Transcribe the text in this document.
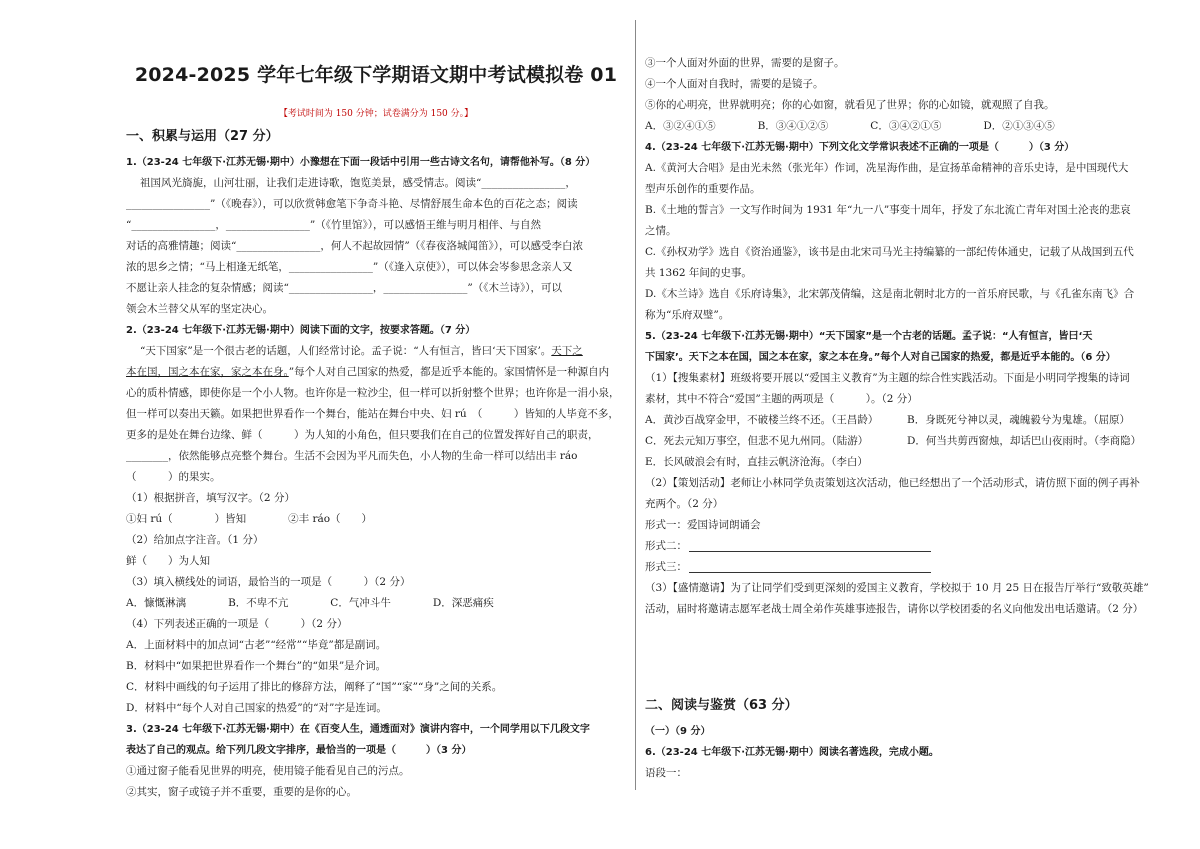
2024-2025 学年七年级下学期语文期中考试模拟卷 01
【考试时间为 150 分钟；试卷满分为 150 分。】
一、积累与运用（27 分）
1.（23-24 七年级下·江苏无锡·期中）小豫想在下面一段话中引用一些古诗文名句，请帮他补写。（8 分）
祖国风光旖旎，山河壮丽，让我们走进诗歌，饱览美景，感受情志。阅读“________________，
________________”（《晚春》），可以欣赏韩愈笔下争奇斗艳、尽情舒展生命本色的百花之态；阅读
“________________，________________”（《竹里馆》），可以感悟王维与明月相伴、与自然
对话的高雅情趣；阅读“________________，何人不起故园情”（《春夜洛城闻笛》），可以感受李白浓
浓的思乡之情；“马上相逢无纸笔，________________”（《逢入京使》），可以体会岑参思念亲人又
不愿让亲人挂念的复杂情感；阅读“________________，________________”（《木兰诗》），可以
领会木兰替父从军的坚定决心。
2.（23-24 七年级下·江苏无锡·期中）阅读下面的文字，按要求答题。（7 分）
“天下国家”是一个很古老的话题，人们经常讨论。孟子说：“人有恒言，皆曰‘天下国家’。天下之
本在国，国之本在家，家之本在身。”每个人对自己国家的热爱，都是近乎本能的。家国情怀是一种源自内
心的质朴情感，即使你是一个小人物。也许你是一粒沙尘，但一样可以折射整个世界；也许你是一涓小泉，
但一样可以奏出天籁。如果把世界看作一个舞台，能站在舞台中央、妇 rú　（　　　）皆知的人毕竟不多，
更多的是处在舞台边缘、鲜（　　　）为人知的小角色，但只要我们在自己的位置发挥好自己的职责，
________，依然能够点亮整个舞台。生活不会因为平凡而失色，小人物的生命一样可以结出丰 ráo
（　　　）的果实。
（1）根据拼音，填写汉字。（2 分）
①妇 rú（　　　　）皆知　　　　②丰 ráo（　　）
（2）给加点字注音。（1 分）
鲜（　　）为人知
（3）填入横线处的词语，最恰当的一项是（　　　）（2 分）
A．慷慨淋漓　　　　B．不卑不亢　　　　C．气冲斗牛　　　　D．深恶痛疾
（4）下列表述正确的一项是（　　　）（2 分）
A．上面材料中的加点词“古老”“经常”“毕竟”都是副词。
B．材料中“如果把世界看作一个舞台”的“如果”是介词。
C．材料中画线的句子运用了排比的修辞方法，阐释了“国”“家”“身”之间的关系。
D．材料中“每个人对自己国家的热爱”的“对”字是连词。
3.（23-24 七年级下·江苏无锡·期中）在《百变人生，通透面对》演讲内容中，一个同学用以下几段文字
表达了自己的观点。给下列几段文字排序，最恰当的一项是（　　　）（3 分）
①通过窗子能看见世界的明亮，使用镜子能看见自己的污点。
②其实，窗子或镜子并不重要，重要的是你的心。
③一个人面对外面的世界，需要的是窗子。
④一个人面对自我时，需要的是镜子。
⑤你的心明亮，世界就明亮；你的心如窗，就看见了世界；你的心如镜，就观照了自我。
A．③②④①⑤　　　　B．③④①②⑤　　　　C．③④②①⑤　　　　D．②①③④⑤
4.（23-24 七年级下·江苏无锡·期中）下列文化文学常识表述不正确的一项是（　　　）（3 分）
A.《黄河大合唱》是由光未然（张光年）作词，冼星海作曲，是宣扬革命精神的音乐史诗，是中国现代大
型声乐创作的重要作品。
B.《土地的誓言》一文写作时间为 1931 年“九一八”事变十周年，抒发了东北流亡青年对国土沦丧的悲哀
之情。
C.《孙权劝学》选自《资治通鉴》，该书是由北宋司马光主持编纂的一部纪传体通史，记载了从战国到五代
共 1362 年间的史事。
D.《木兰诗》选自《乐府诗集》，北宋郭茂倩编，这是南北朝时北方的一首乐府民歌，与《孔雀东南飞》合
称为“乐府双璧”。
5.（23-24 七年级下·江苏无锡·期中）“天下国家”是一个古老的话题。孟子说：“人有恒言，皆曰‘天
下国家’。天下之本在国，国之本在家，家之本在身。”每个人对自己国家的热爱，都是近乎本能的。（6 分）
（1）【搜集素材】班级将要开展以“爱国主义教育”为主题的综合性实践活动。下面是小明同学搜集的诗词
素材，其中不符合“爱国”主题的两项是（　　　）。（2 分）
A．黄沙百战穿金甲，不破楼兰终不还。（王昌龄）	B．身既死兮神以灵，魂魄毅兮为鬼雄。（屈原）
C．死去元知万事空，但悲不见九州同。（陆游）	D．何当共剪西窗烛，却话巴山夜雨时。（李商隐）
E．长风破浪会有时，直挂云帆济沧海。（李白）
（2）【策划活动】老师让小林同学负责策划这次活动，他已经想出了一个活动形式，请仿照下面的例子再补
充两个。（2 分）
形式一：爱国诗词朗诵会
形式二：
形式三：
（3）【盛情邀请】为了让同学们受到更深刻的爱国主义教育，学校拟于 10 月 25 日在报告厅举行“致敬英雄”
活动，届时将邀请志愿军老战士周全弟作英雄事迹报告，请你以学校团委的名义向他发出电话邀请。（2 分）
二、阅读与鉴赏（63 分）
（一）（9 分）
6.（23-24 七年级下·江苏无锡·期中）阅读名著选段，完成小题。
语段一：
